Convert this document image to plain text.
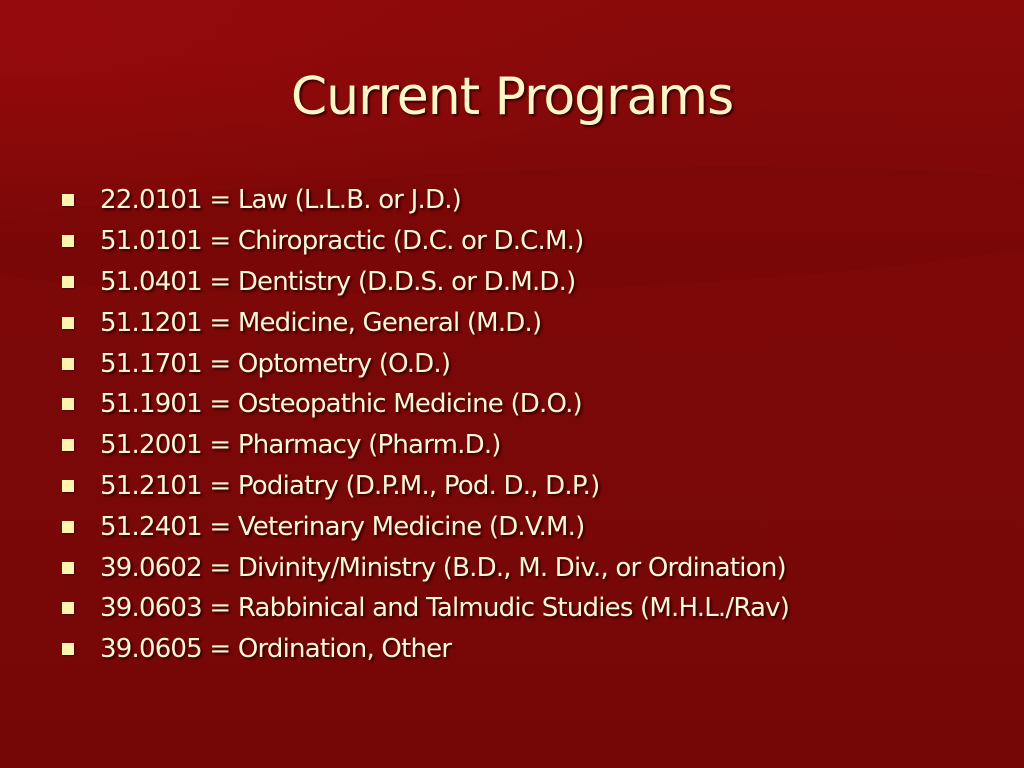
Current Programs
22.0101 = Law (L.L.B. or J.D.)
51.0101 = Chiropractic (D.C. or D.C.M.)
51.0401 = Dentistry (D.D.S. or D.M.D.)
51.1201 = Medicine, General (M.D.)
51.1701 = Optometry (O.D.)
51.1901 = Osteopathic Medicine (D.O.)
51.2001 = Pharmacy (Pharm.D.)
51.2101 = Podiatry (D.P.M., Pod. D., D.P.)
51.2401 = Veterinary Medicine (D.V.M.)
39.0602 = Divinity/Ministry (B.D., M. Div., or Ordination)
39.0603 = Rabbinical and Talmudic Studies (M.H.L./Rav)
39.0605 = Ordination, Other
